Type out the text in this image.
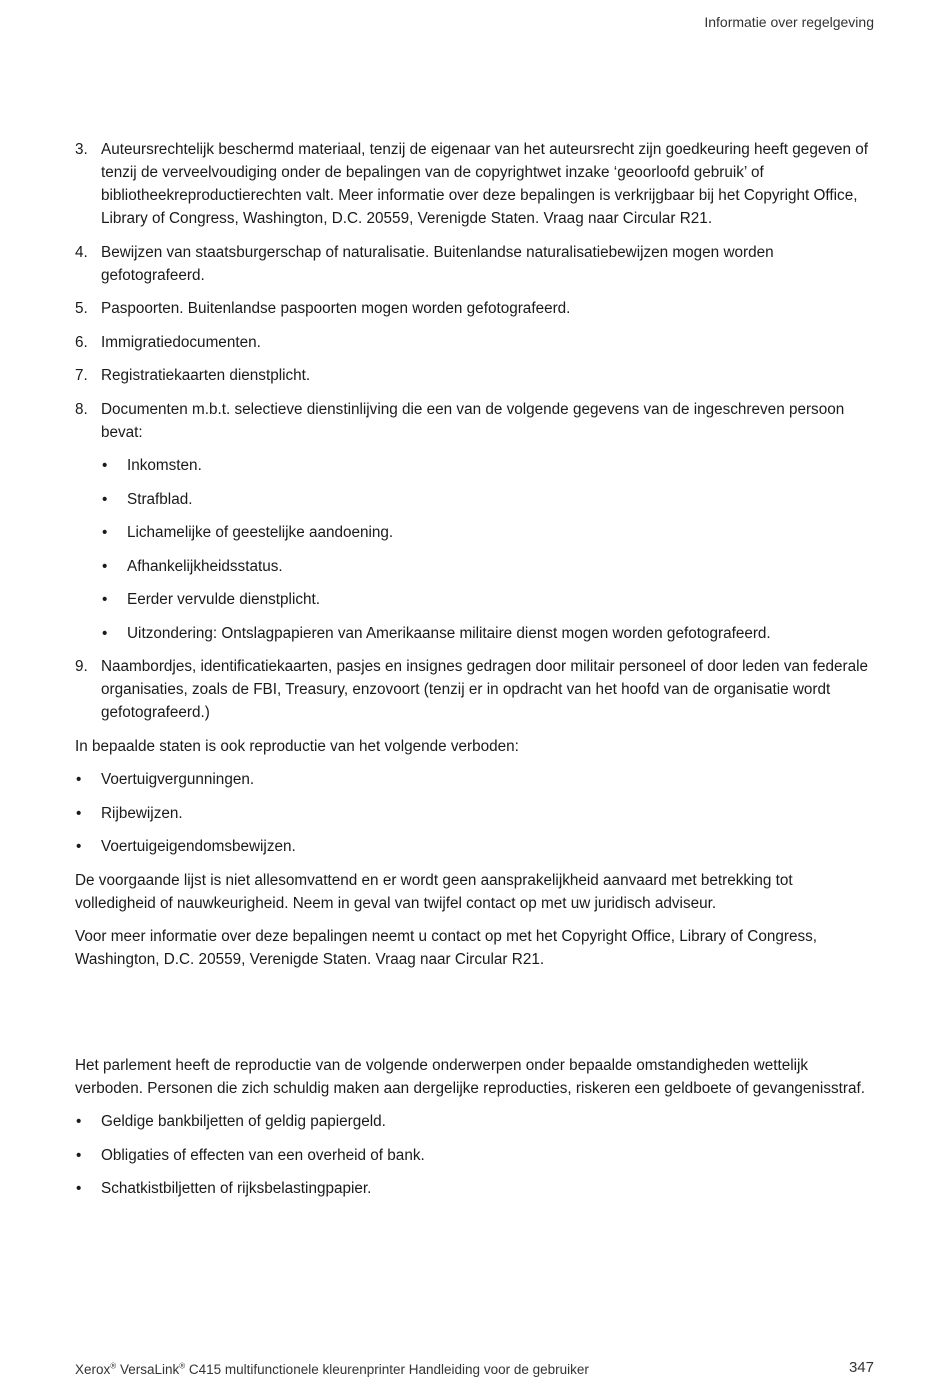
Informatie over regelgeving
3. Auteursrechtelijk beschermd materiaal, tenzij de eigenaar van het auteursrecht zijn goedkeuring heeft gegeven of tenzij de verveelvoudiging onder de bepalingen van de copyrightwet inzake ‘geoorloofd gebruik’ of bibliotheekreproductierechten valt. Meer informatie over deze bepalingen is verkrijgbaar bij het Copyright Office, Library of Congress, Washington, D.C. 20559, Verenigde Staten. Vraag naar Circular R21.
4. Bewijzen van staatsburgerschap of naturalisatie. Buitenlandse naturalisatiebewijzen mogen worden gefotografeerd.
5. Paspoorten. Buitenlandse paspoorten mogen worden gefotografeerd.
6. Immigratiedocumenten.
7. Registratiekaarten dienstplicht.
8. Documenten m.b.t. selectieve dienstinlijving die een van de volgende gegevens van de ingeschreven persoon bevat:
• Inkomsten.
• Strafblad.
• Lichamelijke of geestelijke aandoening.
• Afhankelijkheidsstatus.
• Eerder vervulde dienstplicht.
• Uitzondering: Ontslagpapieren van Amerikaanse militaire dienst mogen worden gefotografeerd.
9. Naambordjes, identificatiekaarten, pasjes en insignes gedragen door militair personeel of door leden van federale organisaties, zoals de FBI, Treasury, enzovoort (tenzij er in opdracht van het hoofd van de organisatie wordt gefotografeerd.)

In bepaalde staten is ook reproductie van het volgende verboden:

• Voertuigvergunningen.
• Rijbewijzen.
• Voertuigeigendomsbewijzen.

De voorgaande lijst is niet allesomvattend en er wordt geen aansprakelijkheid aanvaard met betrekking tot volledigheid of nauwkeurigheid. Neem in geval van twijfel contact op met uw juridisch adviseur.

Voor meer informatie over deze bepalingen neemt u contact op met het Copyright Office, Library of Congress, Washington, D.C. 20559, Verenigde Staten. Vraag naar Circular R21.

Het parlement heeft de reproductie van de volgende onderwerpen onder bepaalde omstandigheden wettelijk verboden. Personen die zich schuldig maken aan dergelijke reproducties, riskeren een geldboete of gevangenisstraf.

• Geldige bankbiljetten of geldig papiergeld.
• Obligaties of effecten van een overheid of bank.
• Schatkistbiljetten of rijksbelastingpapier.
Xerox® VersaLink® C415 multifunctionele kleurenprinter Handleiding voor de gebruiker	347
